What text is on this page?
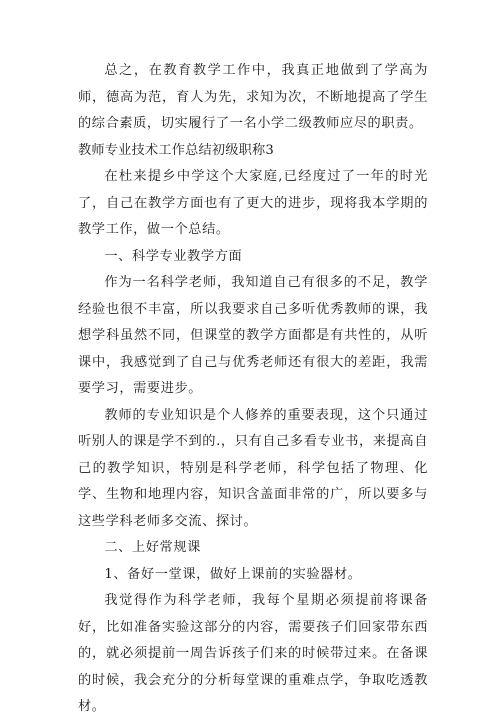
总之，在教育教学工作中，我真正地做到了学高为师，德高为范，育人为先，求知为次，不断地提高了学生的综合素质，切实履行了一名小学二级教师应尽的职责。

教师专业技术工作总结初级职称3

在杜来提乡中学这个大家庭,已经度过了一年的时光了，自己在教学方面也有了更大的进步，现将我本学期的教学工作，做一个总结。

一、科学专业教学方面

作为一名科学老师，我知道自己有很多的不足，教学经验也很不丰富，所以我要求自己多听优秀教师的课，我想学科虽然不同，但课堂的教学方面都是有共性的，从听课中，我感觉到了自己与优秀老师还有很大的差距，我需要学习，需要进步。

教师的专业知识是个人修养的重要表现，这个只通过听别人的课是学不到的.，只有自己多看专业书，来提高自己的教学知识，特别是科学老师，科学包括了物理、化学、生物和地理内容，知识含盖面非常的广，所以要多与这些学科老师多交流、探讨。

二、上好常规课

1、备好一堂课，做好上课前的实验器材。

我觉得作为科学老师，我每个星期必须提前将课备好，比如准备实验这部分的内容，需要孩子们回家带东西的，就必须提前一周告诉孩子们来的时候带过来。在备课的时候，我会充分的分析每堂课的重难点学，争取吃透教材。
